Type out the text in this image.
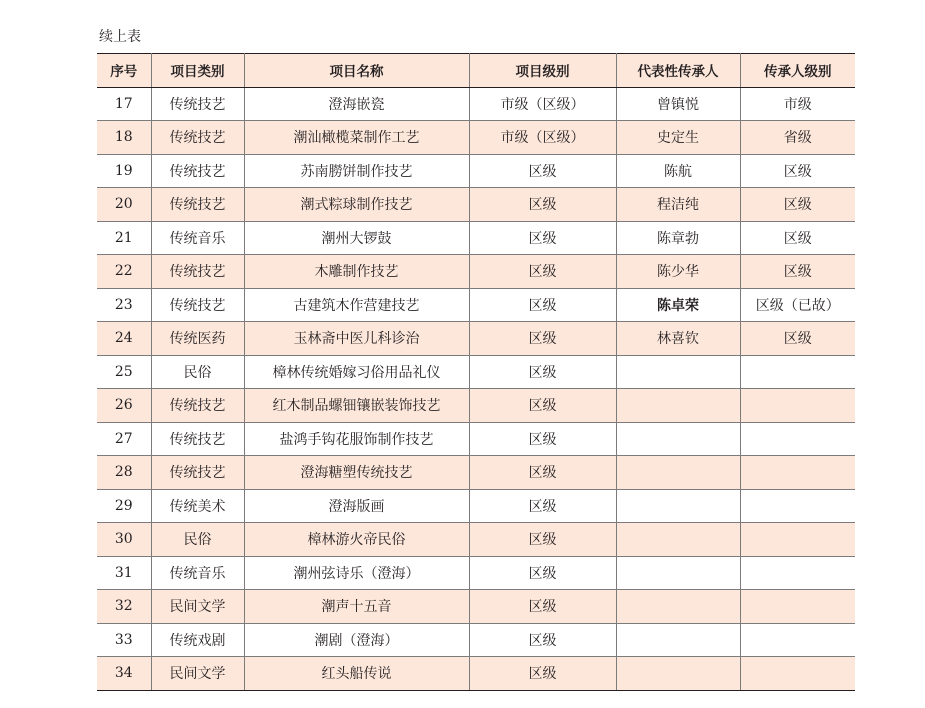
续上表
序号	项目类别	项目名称	项目级别	代表性传承人	传承人级别
17	传统技艺	澄海嵌瓷	市级（区级）	曾镇悦	市级
18	传统技艺	潮汕橄榄菜制作工艺	市级（区级）	史定生	省级
19	传统技艺	苏南朥饼制作技艺	区级	陈航	区级
20	传统技艺	潮式粽球制作技艺	区级	程洁纯	区级
21	传统音乐	潮州大锣鼓	区级	陈章勃	区级
22	传统技艺	木雕制作技艺	区级	陈少华	区级
23	传统技艺	古建筑木作营建技艺	区级	陈卓荣	区级（已故）
24	传统医药	玉林斋中医儿科诊治	区级	林喜钦	区级
25	民俗	樟林传统婚嫁习俗用品礼仪	区级		
26	传统技艺	红木制品螺钿镶嵌装饰技艺	区级		
27	传统技艺	盐鸿手钩花服饰制作技艺	区级		
28	传统技艺	澄海糖塑传统技艺	区级		
29	传统美术	澄海版画	区级		
30	民俗	樟林游火帝民俗	区级		
31	传统音乐	潮州弦诗乐（澄海）	区级		
32	民间文学	潮声十五音	区级		
33	传统戏剧	潮剧（澄海）	区级		
34	民间文学	红头船传说	区级		
